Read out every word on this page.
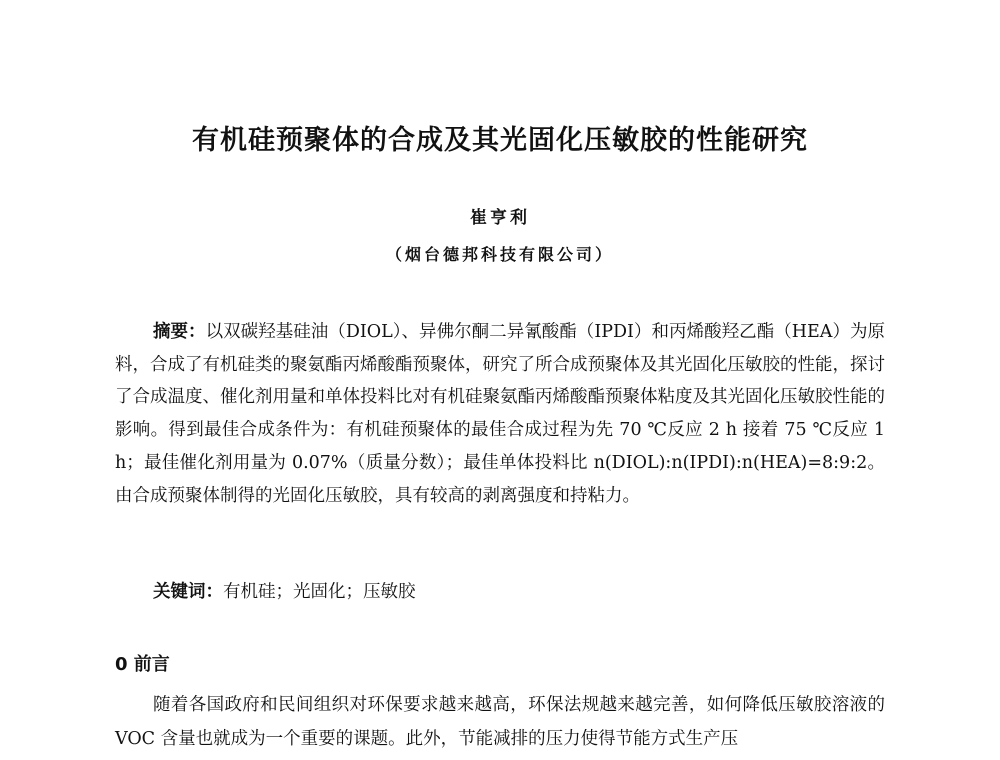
有机硅预聚体的合成及其光固化压敏胶的性能研究
崔亨利
（烟台德邦科技有限公司）
摘要：以双碳羟基硅油（DIOL）、异佛尔酮二异氰酸酯（IPDI）和丙烯酸羟乙酯（HEA）为原料，合成了有机硅类的聚氨酯丙烯酸酯预聚体，研究了所合成预聚体及其光固化压敏胶的性能，探讨了合成温度、催化剂用量和单体投料比对有机硅聚氨酯丙烯酸酯预聚体粘度及其光固化压敏胶性能的影响。得到最佳合成条件为：有机硅预聚体的最佳合成过程为先 70 ℃反应 2 h 接着 75 ℃反应 1 h；最佳催化剂用量为 0.07%（质量分数）；最佳单体投料比 n(DIOL):n(IPDI):n(HEA)=8:9:2。由合成预聚体制得的光固化压敏胶，具有较高的剥离强度和持粘力。
关键词：有机硅；光固化；压敏胶
0 前言
随着各国政府和民间组织对环保要求越来越高，环保法规越来越完善，如何降低压敏胶溶液的 VOC 含量也就成为一个重要的课题。此外，节能减排的压力使得节能方式生产压
